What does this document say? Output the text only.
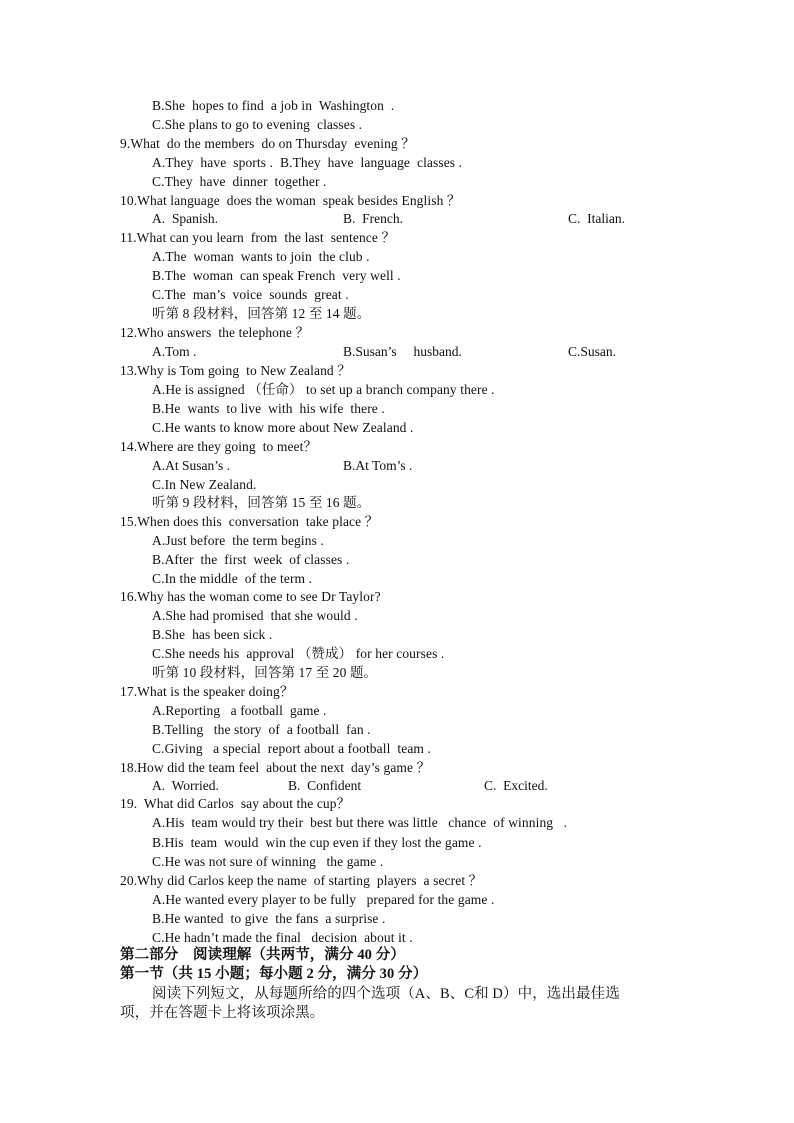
B.She  hopes to find  a job in  Washington  .
C.She plans to go to evening  classes .
9.What  do the members  do on Thursday  evening ？
A.They  have  sports .  B.They  have  language  classes .
C.They  have  dinner  together .
10.What language  does the woman  speak besides English ？
A.  Spanish.	B.  French.	C.  Italian.
11.What can you learn  from  the last  sentence ？
A.The  woman  wants to join  the club .
B.The  woman  can speak French  very well .
C.The  man’s  voice  sounds  great .
听第 8 段材料，回答第 12 至 14 题。
12.Who answers  the telephone ？
A.Tom .	B.Susan’s     husband.	C.Susan.
13.Why is Tom going  to New Zealand ？
A.He is assigned （任命） to set up a branch company there .
B.He  wants  to live  with  his wife  there .
C.He wants to know more about New Zealand .
14.Where are they going  to meet？
A.At Susan’s .	B.At Tom’s .
C.In New Zealand.
听第 9 段材料，回答第 15 至 16 题。
15.When does this  conversation  take place ？
A.Just before  the term begins .
B.After  the  first  week  of classes .
C.In the middle  of the term .
16.Why has the woman come to see Dr Taylor?
A.She had promised  that she would .
B.She  has been sick .
C.She needs his  approval （赞成） for her courses .
听第 10 段材料，回答第 17 至 20 题。
17.What is the speaker doing？
A.Reporting   a football  game .
B.Telling   the story  of  a football  fan .
C.Giving   a special  report about a football  team .
18.How did the team feel  about the next  day’s game ？
A.  Worried.	B.  Confident	C.  Excited.
19.  What did Carlos  say about the cup？
A.His  team would try their  best but there was little   chance  of winning   .
B.His  team  would  win the cup even if they lost the game .
C.He was not sure of winning   the game .
20.Why did Carlos keep the name  of starting  players  a secret ？
A.He wanted every player to be fully   prepared for the game .
B.He wanted  to give  the fans  a surprise .
C.He hadn’t made the final   decision  about it .
第二部分　阅读理解（共两节，满分 40 分）
第一节（共 15 小题；每小题 2 分，满分 30 分）
阅读下列短文，从每题所给的四个选项（A、B、C和 D）中，选出最佳选
项，并在答题卡上将该项涂黑。
